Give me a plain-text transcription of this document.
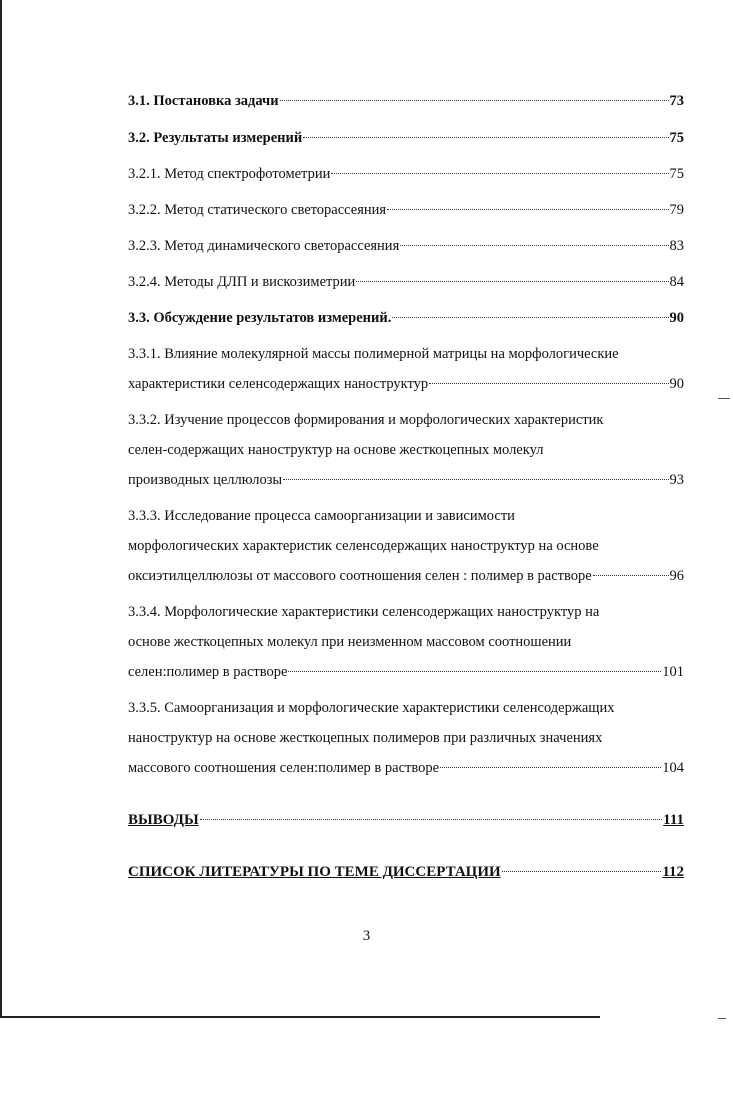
3.1. Постановка задачи	73
3.2. Результаты измерений	75
3.2.1. Метод спектрофотометрии	75
3.2.2. Метод статического светорассеяния	79
3.2.3. Метод динамического светорассеяния	83
3.2.4. Методы ДЛП и вискозиметрии	84
3.3. Обсуждение результатов измерений.	90
3.3.1. Влияние молекулярной массы полимерной матрицы на морфологические
характеристики селенсодержащих наноструктур	90
3.3.2. Изучение процессов формирования и морфологических характеристик
селен-содержащих наноструктур на основе жесткоцепных молекул
производных целлюлозы	93
3.3.3. Исследование процесса самоорганизации и зависимости
морфологических характеристик селенсодержащих наноструктур на основе
оксиэтилцеллюлозы от массового соотношения селен : полимер в растворе	96
3.3.4. Морфологические характеристики селенсодержащих наноструктур на
основе жесткоцепных молекул при неизменном массовом соотношении
селен:полимер в растворе	101
3.3.5. Самоорганизация и морфологические характеристики селенсодержащих
наноструктур на основе жесткоцепных полимеров при различных значениях
массового соотношения селен:полимер в растворе	104
ВЫВОДЫ	111
СПИСОК ЛИТЕРАТУРЫ ПО ТЕМЕ ДИССЕРТАЦИИ	112
3
